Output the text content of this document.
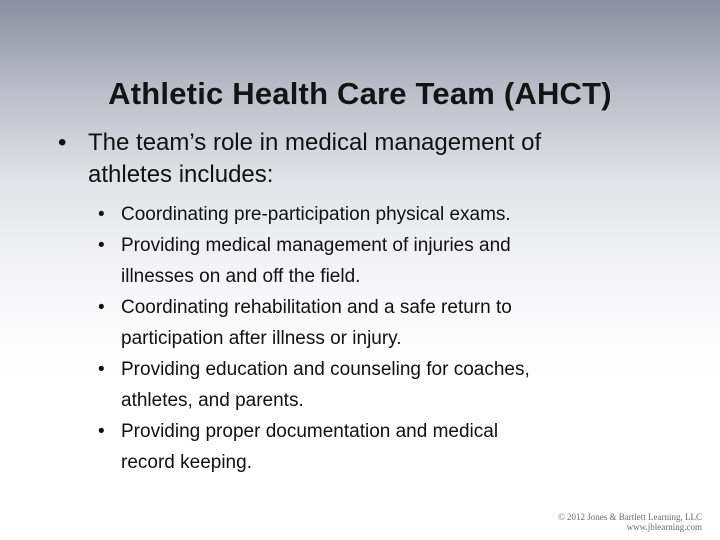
Athletic Health Care Team (AHCT)
• The team’s role in medical management of
athletes includes:
• Coordinating pre-participation physical exams.
• Providing medical management of injuries and
illnesses on and off the field.
• Coordinating rehabilitation and a safe return to
participation after illness or injury.
• Providing education and counseling for coaches,
athletes, and parents.
• Providing proper documentation and medical
record keeping.
© 2012 Jones & Bartlett Learning, LLC
www.jblearning.com
